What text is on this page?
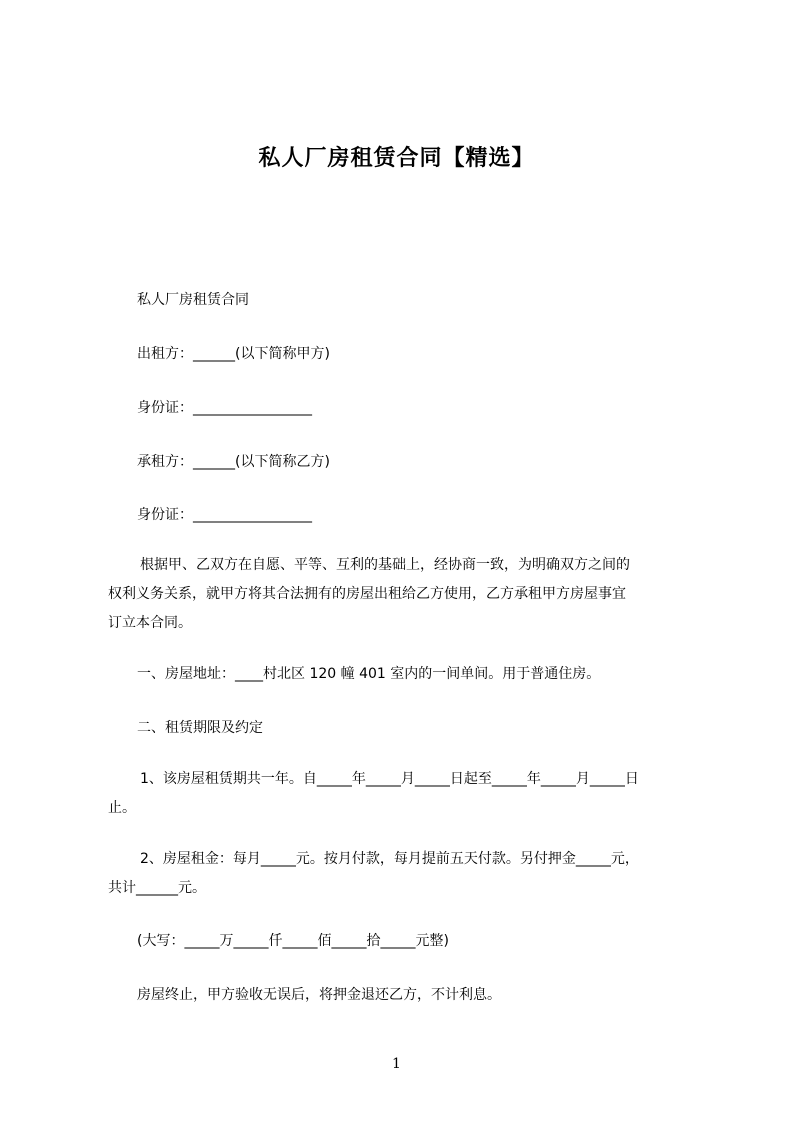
私人厂房租赁合同【精选】
私人厂房租赁合同
出租方：______(以下简称甲方)
身份证：_________________
承租方：______(以下简称乙方)
身份证：_________________
根据甲、乙双方在自愿、平等、互利的基础上，经协商一致，为明确双方之间的
权利义务关系，就甲方将其合法拥有的房屋出租给乙方使用，乙方承租甲方房屋事宜
订立本合同。
一、房屋地址：____村北区 120 幢 401 室内的一间单间。用于普通住房。
二、租赁期限及约定
1、该房屋租赁期共一年。自_____年_____月_____日起至_____年_____月_____日
止。
2、房屋租金：每月_____元。按月付款，每月提前五天付款。另付押金_____元，
共计______元。
(大写：_____万_____仟_____佰_____拾_____元整)
房屋终止，甲方验收无误后，将押金退还乙方，不计利息。
1
